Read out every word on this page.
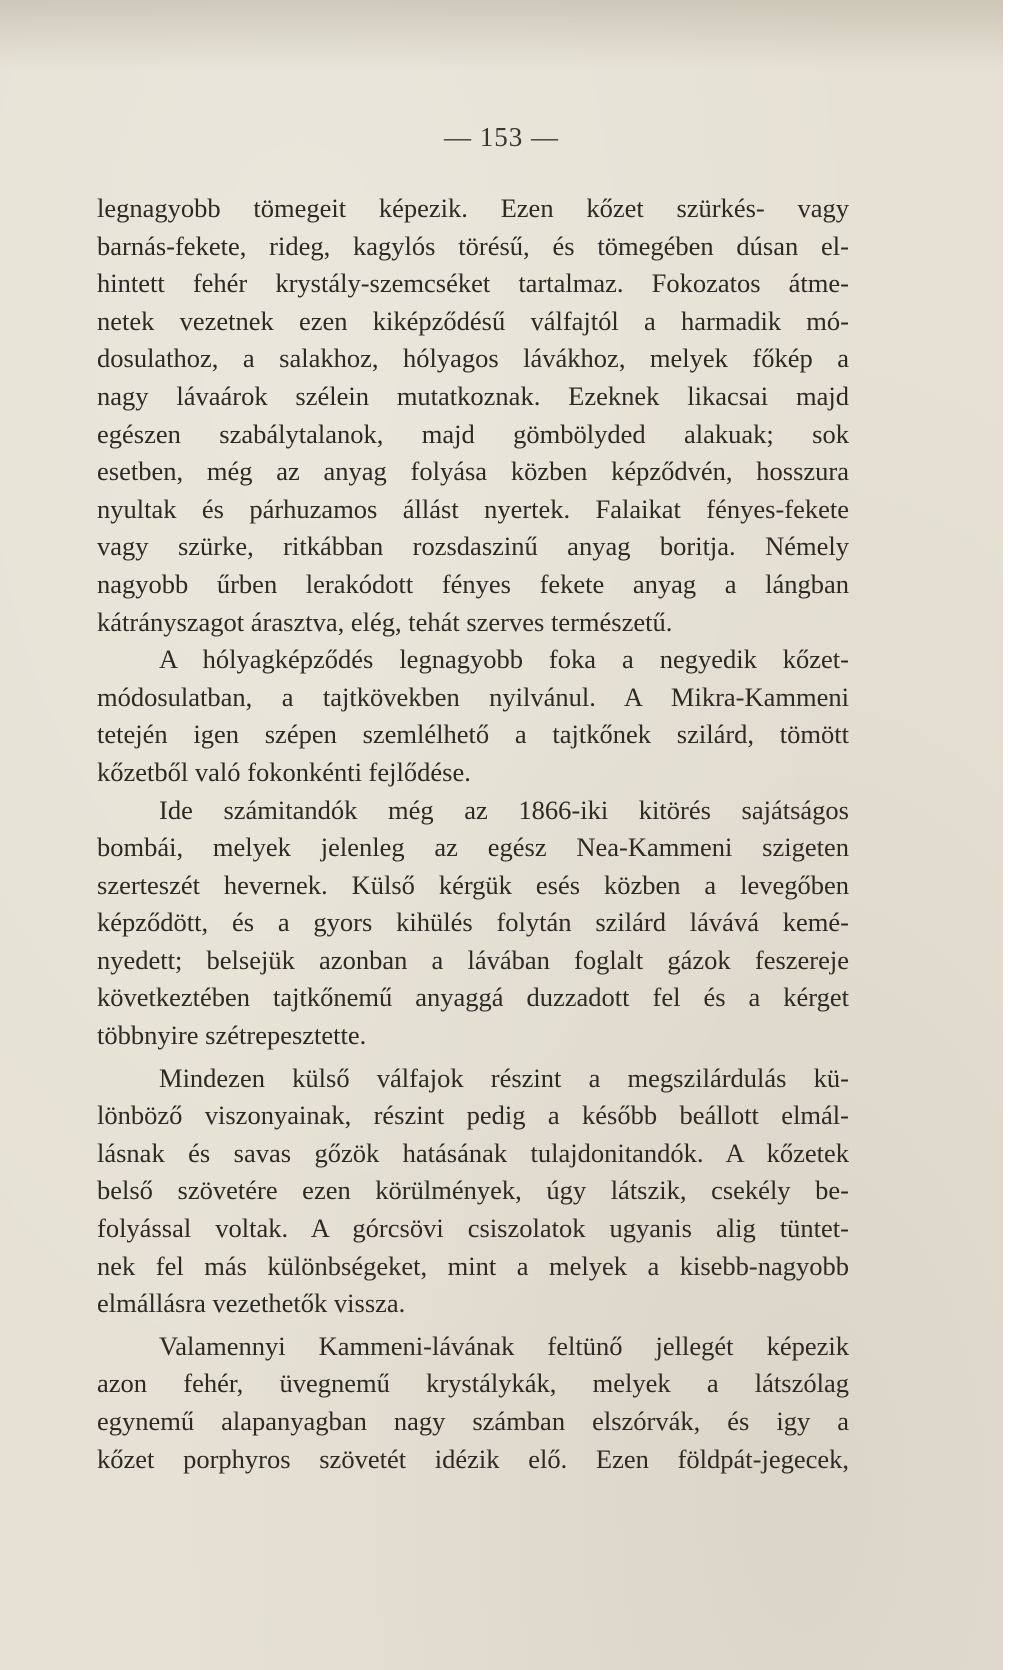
— 153 —
legnagyobb tömegeit képezik. Ezen kőzet szürkés- vagy
barnás-fekete, rideg, kagylós törésű, és tömegében dúsan el-
hintett fehér krystály-szemcséket tartalmaz. Fokozatos átme-
netek vezetnek ezen kiképződésű válfajtól a harmadik mó-
dosulathoz, a salakhoz, hólyagos lávákhoz, melyek főkép a
nagy lávaárok szélein mutatkoznak. Ezeknek likacsai majd
egészen szabálytalanok, majd gömbölyded alakuak; sok
esetben, még az anyag folyása közben képződvén, hosszura
nyultak és párhuzamos állást nyertek. Falaikat fényes-fekete
vagy szürke, ritkábban rozsdaszinű anyag boritja. Némely
nagyobb űrben lerakódott fényes fekete anyag a lángban
kátrányszagot árasztva, elég, tehát szerves természetű.
A hólyagképződés legnagyobb foka a negyedik kőzet-
módosulatban, a tajtkövekben nyilvánul. A Mikra-Kammeni
tetején igen szépen szemlélhető a tajtkőnek szilárd, tömött
kőzetből való fokonkénti fejlődése.
Ide számitandók még az 1866-iki kitörés sajátságos
bombái, melyek jelenleg az egész Nea-Kammeni szigeten
szerteszét hevernek. Külső kérgük esés közben a levegőben
képződött, és a gyors kihülés folytán szilárd lávává kemé-
nyedett; belsejük azonban a lávában foglalt gázok feszereje
következtében tajtkőnemű anyaggá duzzadott fel és a kérget
többnyire szétrepesztette.
Mindezen külső válfajok részint a megszilárdulás kü-
lönböző viszonyainak, részint pedig a később beállott elmál-
lásnak és savas gőzök hatásának tulajdonitandók. A kőzetek
belső szövetére ezen körülmények, úgy látszik, csekély be-
folyással voltak. A górcsövi csiszolatok ugyanis alig tüntet-
nek fel más különbségeket, mint a melyek a kisebb-nagyobb
elmállásra vezethetők vissza.
Valamennyi Kammeni-lávának feltünő jellegét képezik
azon fehér, üvegnemű krystálykák, melyek a látszólag
egynemű alapanyagban nagy számban elszórvák, és igy a
kőzet porphyros szövetét idézik elő. Ezen földpát-jegecek,
